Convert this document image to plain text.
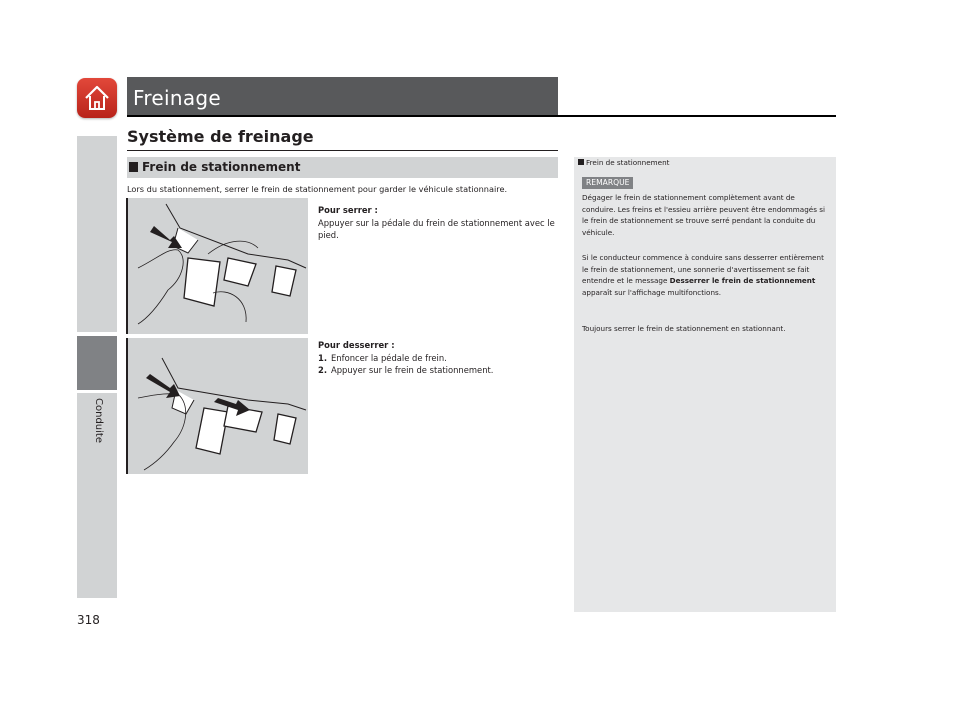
Freinage
Conduite
Système de freinage
Frein de stationnement
Lors du stationnement, serrer le frein de stationnement pour garder le véhicule stationnaire.
Pour serrer :
Appuyer sur la pédale du frein de stationnement avec le pied.
Pour desserrer :
1. Enfoncer la pédale de frein.
2. Appuyer sur le frein de stationnement.
Frein de stationnement
REMARQUE
Dégager le frein de stationnement complètement avant de conduire. Les freins et l'essieu arrière peuvent être endommagés si le frein de stationnement se trouve serré pendant la conduite du véhicule.
Si le conducteur commence à conduire sans desserrer entièrement le frein de stationnement, une sonnerie d'avertissement se fait entendre et le message Desserrer le frein de stationnement apparaît sur l'affichage multifonctions.
Toujours serrer le frein de stationnement en stationnant.
318
